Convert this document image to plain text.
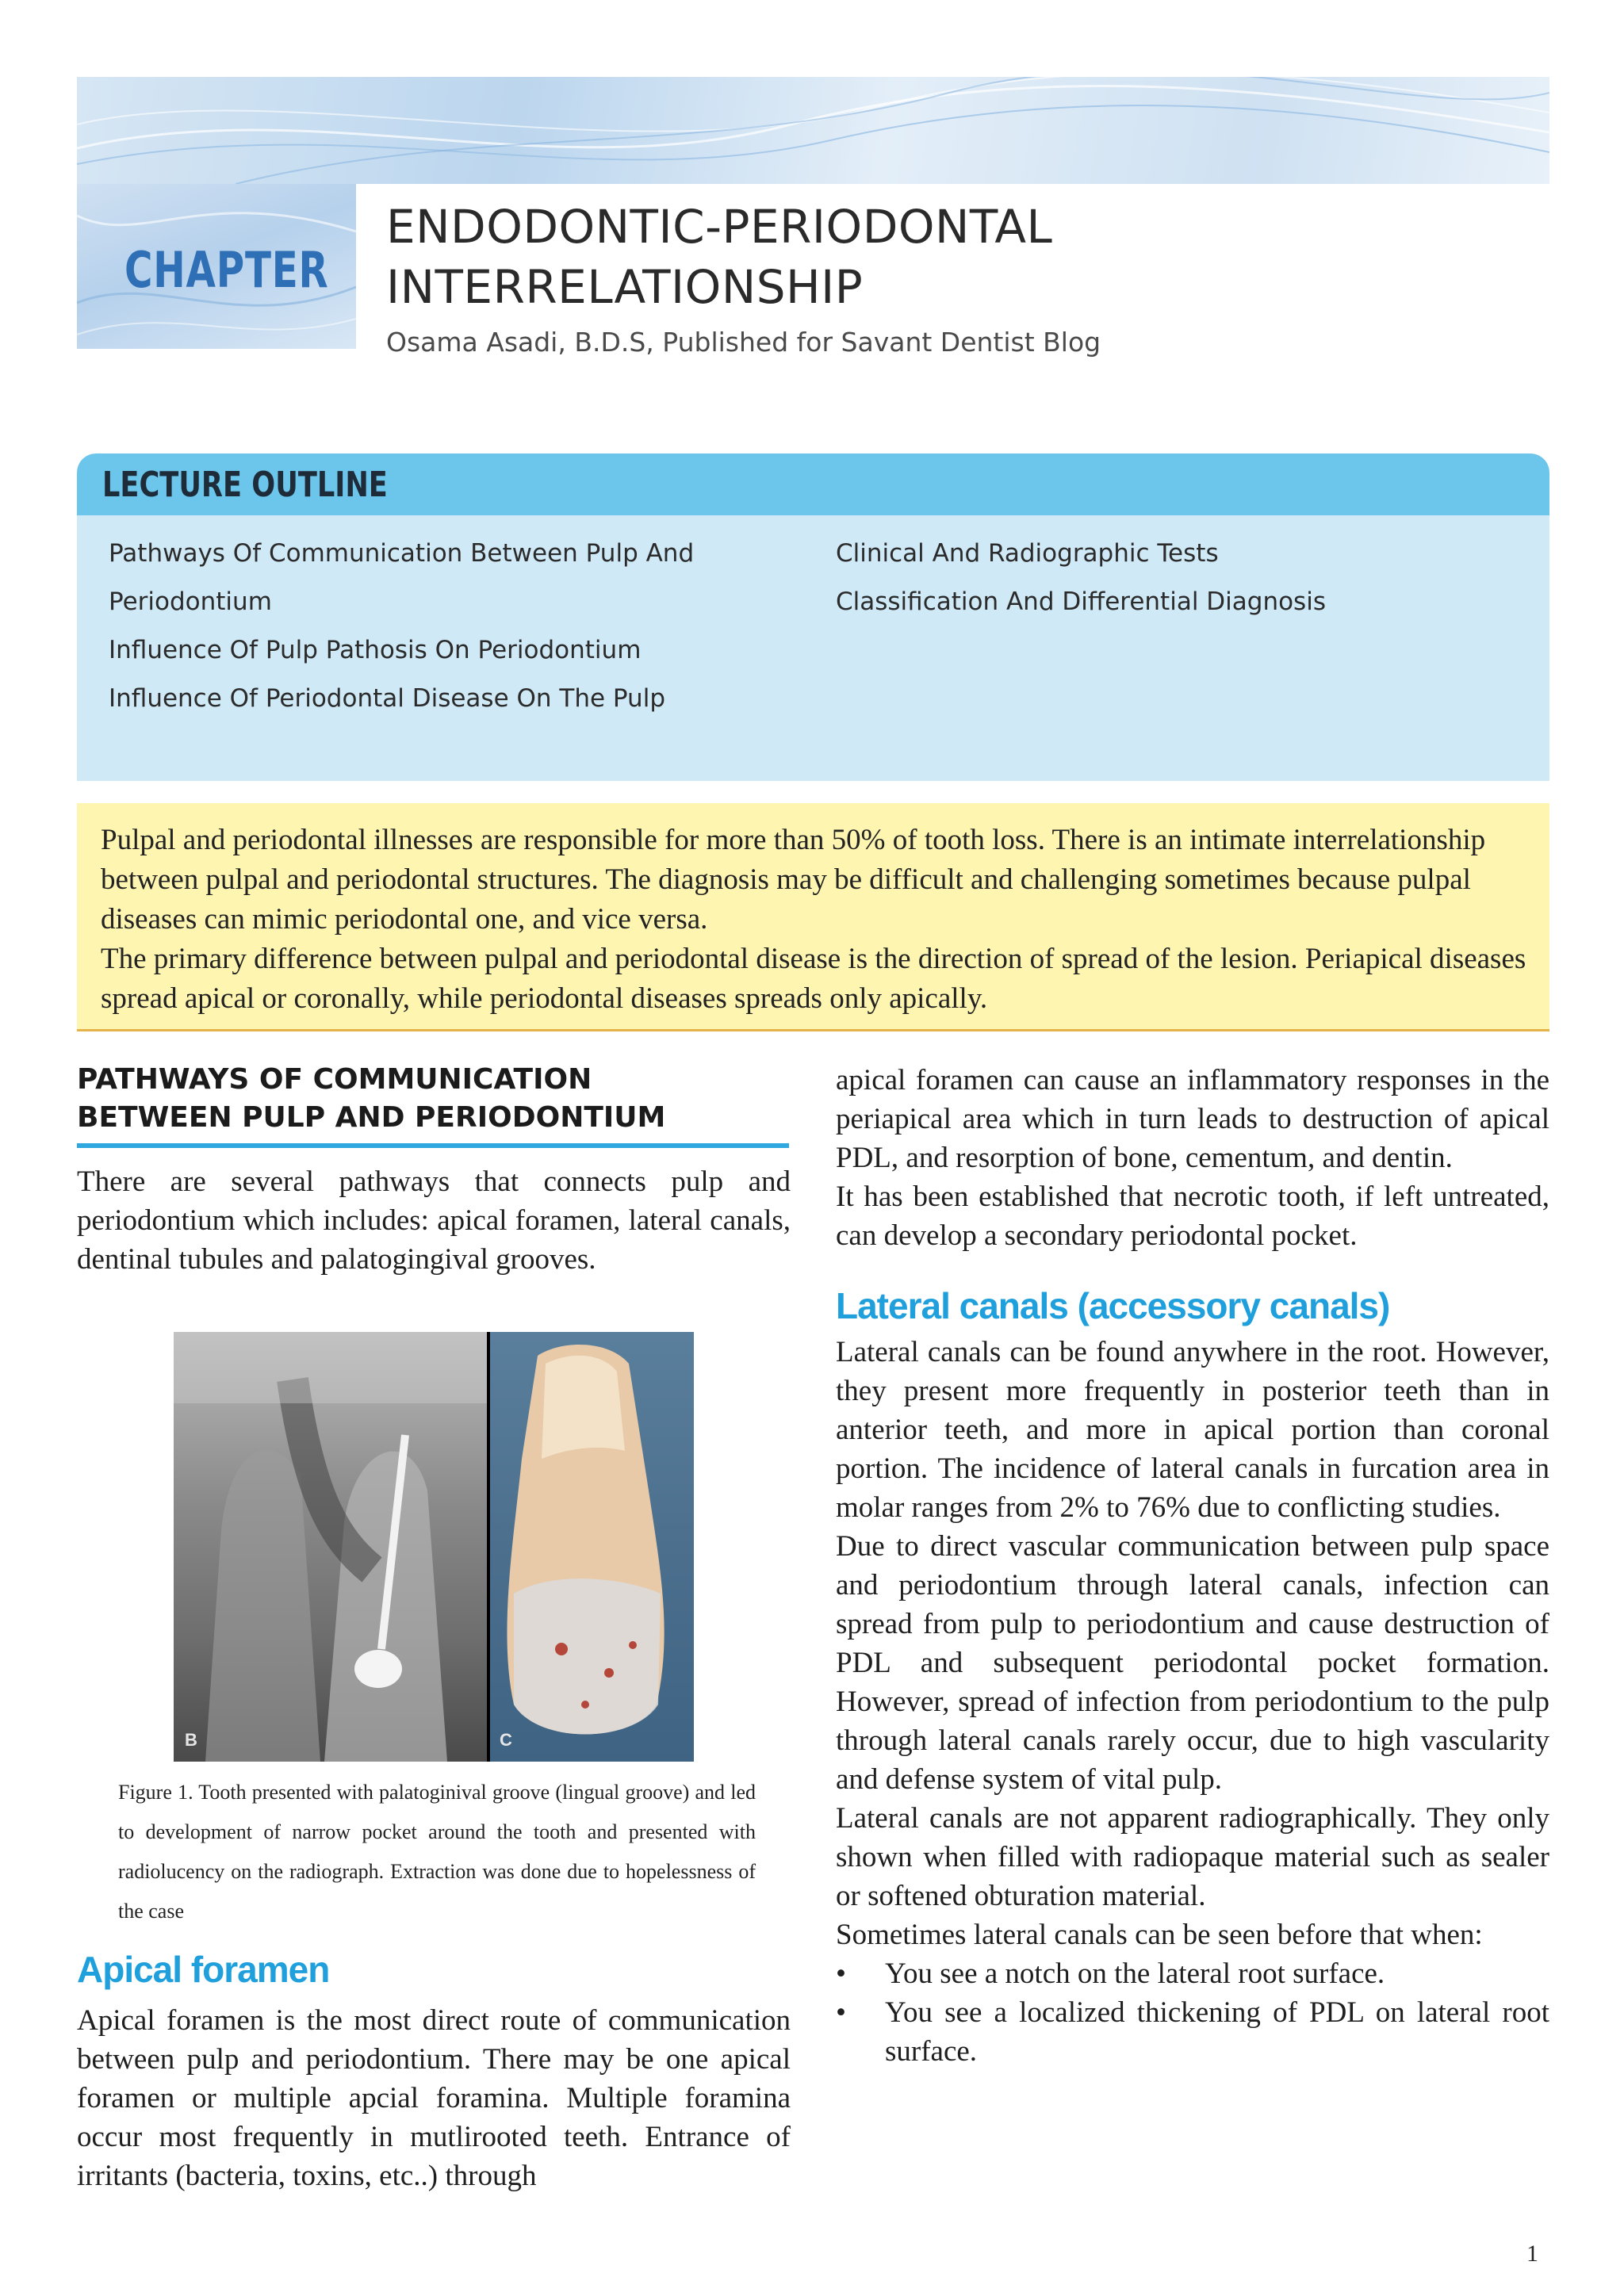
CHAPTER
ENDODONTIC-PERIODONTAL
INTERRELATIONSHIP
Osama Asadi, B.D.S, Published for Savant Dentist Blog
LECTURE OUTLINE
Pathways Of Communication Between Pulp And
Periodontium
Influence Of Pulp Pathosis On Periodontium
Influence Of Periodontal Disease On The Pulp
Clinical And Radiographic Tests
Classification And Differential Diagnosis

Pulpal and periodontal illnesses are responsible for more than 50% of tooth loss. There is an intimate interrelationship between pulpal and periodontal structures. The diagnosis may be difficult and challenging sometimes because pulpal diseases can mimic periodontal one, and vice versa.
The primary difference between pulpal and periodontal disease is the direction of spread of the lesion. Periapical diseases spread apical or coronally, while periodontal diseases spreads only apically.

PATHWAYS OF COMMUNICATION
BETWEEN PULP AND PERIODONTIUM

There are several pathways that connects pulp and periodontium which includes: apical foramen, lateral canals, dentinal tubules and palatogingival grooves.

B	C

Figure 1. Tooth presented with palatoginival groove (lingual groove) and led to development of narrow pocket around the tooth and presented with radiolucency on the radiograph. Extraction was done due to hopelessness of the case

Apical foramen

Apical foramen is the most direct route of communication between pulp and periodontium. There may be one apical foramen or multiple apcial foramina. Multiple foramina occur most frequently in mutlirooted teeth. Entrance of irritants (bacteria, toxins, etc..) through

apical foramen can cause an inflammatory responses in the periapical area which in turn leads to destruction of apical PDL, and resorption of bone, cementum, and dentin.

It has been established that necrotic tooth, if left untreated, can develop a secondary periodontal pocket.

Lateral canals (accessory canals)

Lateral canals can be found anywhere in the root. However, they present more frequently in posterior teeth than in anterior teeth, and more in apical portion than coronal portion. The incidence of lateral canals in furcation area in molar ranges from 2% to 76% due to conflicting studies.

Due to direct vascular communication between pulp space and periodontium through lateral canals, infection can spread from pulp to periodontium and cause destruction of PDL and subsequent periodontal pocket formation. However, spread of infection from periodontium to the pulp through lateral canals rarely occur, due to high vascularity and defense system of vital pulp.

Lateral canals are not apparent radiographically. They only shown when filled with radiopaque material such as sealer or softened obturation material.

Sometimes lateral canals can be seen before that when:

• You see a notch on the lateral root surface.
• You see a localized thickening of PDL on lateral root surface.
1
